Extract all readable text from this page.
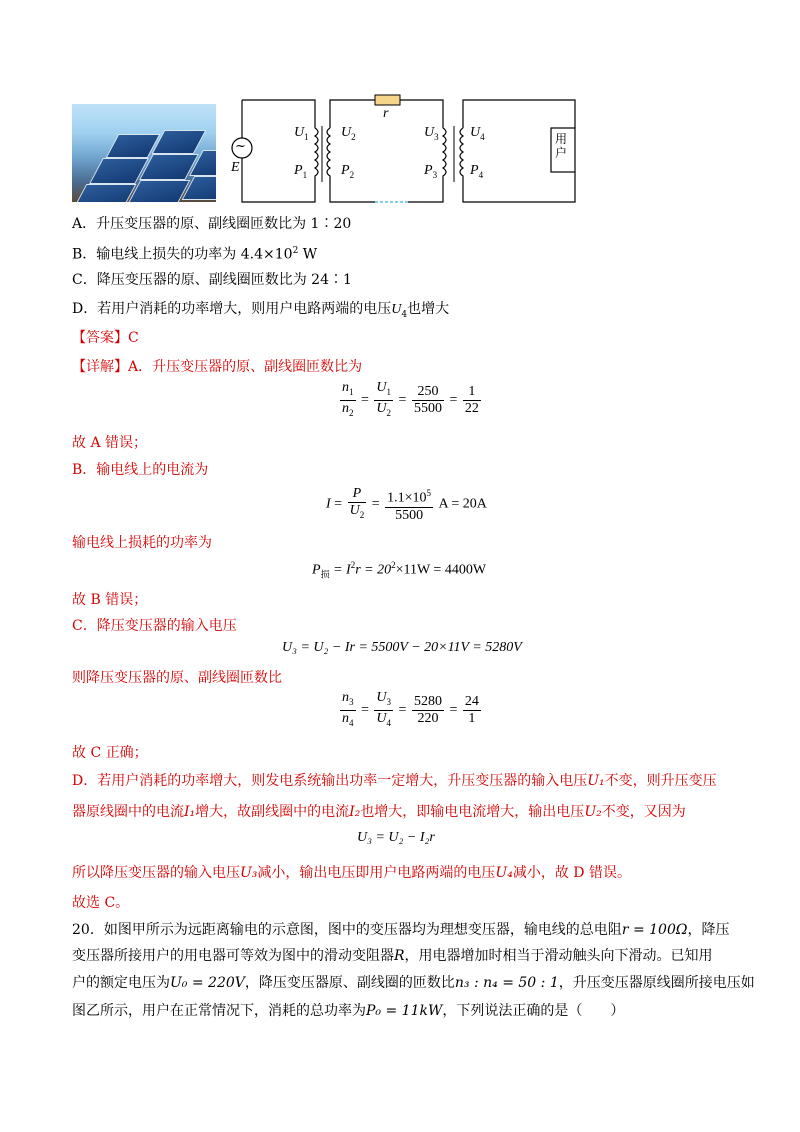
~
E
r
$U_1$
$P_1$
$U_2$
$P_2$
$U_3$
$P_3$
$U_4$
$P_4$
用户
A．升压变压器的原、副线圈匝数比为 1∶20
B．输电线上损失的功率为 $4.4\times 10^2$ W
C．降压变压器的原、副线圈匝数比为 24∶1
D．若用户消耗的功率增大，则用户电路两端的电压$U_4$也增大
【答案】C
【详解】A．升压变压器的原、副线圈匝数比为
$\frac{n_1}{n_2} = \frac{U_1}{U_2} = \frac{250}{5500} = \frac{1}{22}$
故 A 错误；
B．输电线上的电流为
$I = \frac{P}{U_2} = \frac{1.1\times 10^5}{5500}$ A = 20A
输电线上损耗的功率为
$P_损 = I^2r = 20^2\times 11W = 4400W$
故 B 错误；
C．降压变压器的输入电压
U₃ = U₂ − Ir = 5500V − 20×11V = 5280V
则降压变压器的原、副线圈匝数比
$\frac{n_3}{n_4} = \frac{U_3}{U_4} = \frac{5280}{220} = \frac{24}{1}$
故 C 正确；
D．若用户消耗的功率增大，则发电系统输出功率一定增大，升压变压器的输入电压U₁不变，则升压变压
器原线圈中的电流I₁增大，故副线圈中的电流I₂也增大，即输电电流增大，输出电压U₂不变，又因为
U₃ = U₂ − I₂r
所以降压变压器的输入电压U₃减小，输出电压即用户电路两端的电压U₄减小，故 D 错误。
故选 C。
20．如图甲所示为远距离输电的示意图，图中的变压器均为理想变压器，输电线的总电阻r = 100Ω，降压
变压器所接用户的用电器可等效为图中的滑动变阻器R，用电器增加时相当于滑动触头向下滑动。已知用
户的额定电压为U₀ = 220V，降压变压器原、副线圈的匝数比n₃ : n₄ = 50 : 1，升压变压器原线圈所接电压如
图乙所示，用户在正常情况下，消耗的总功率为P₀ = 11kW，下列说法正确的是（　　）
